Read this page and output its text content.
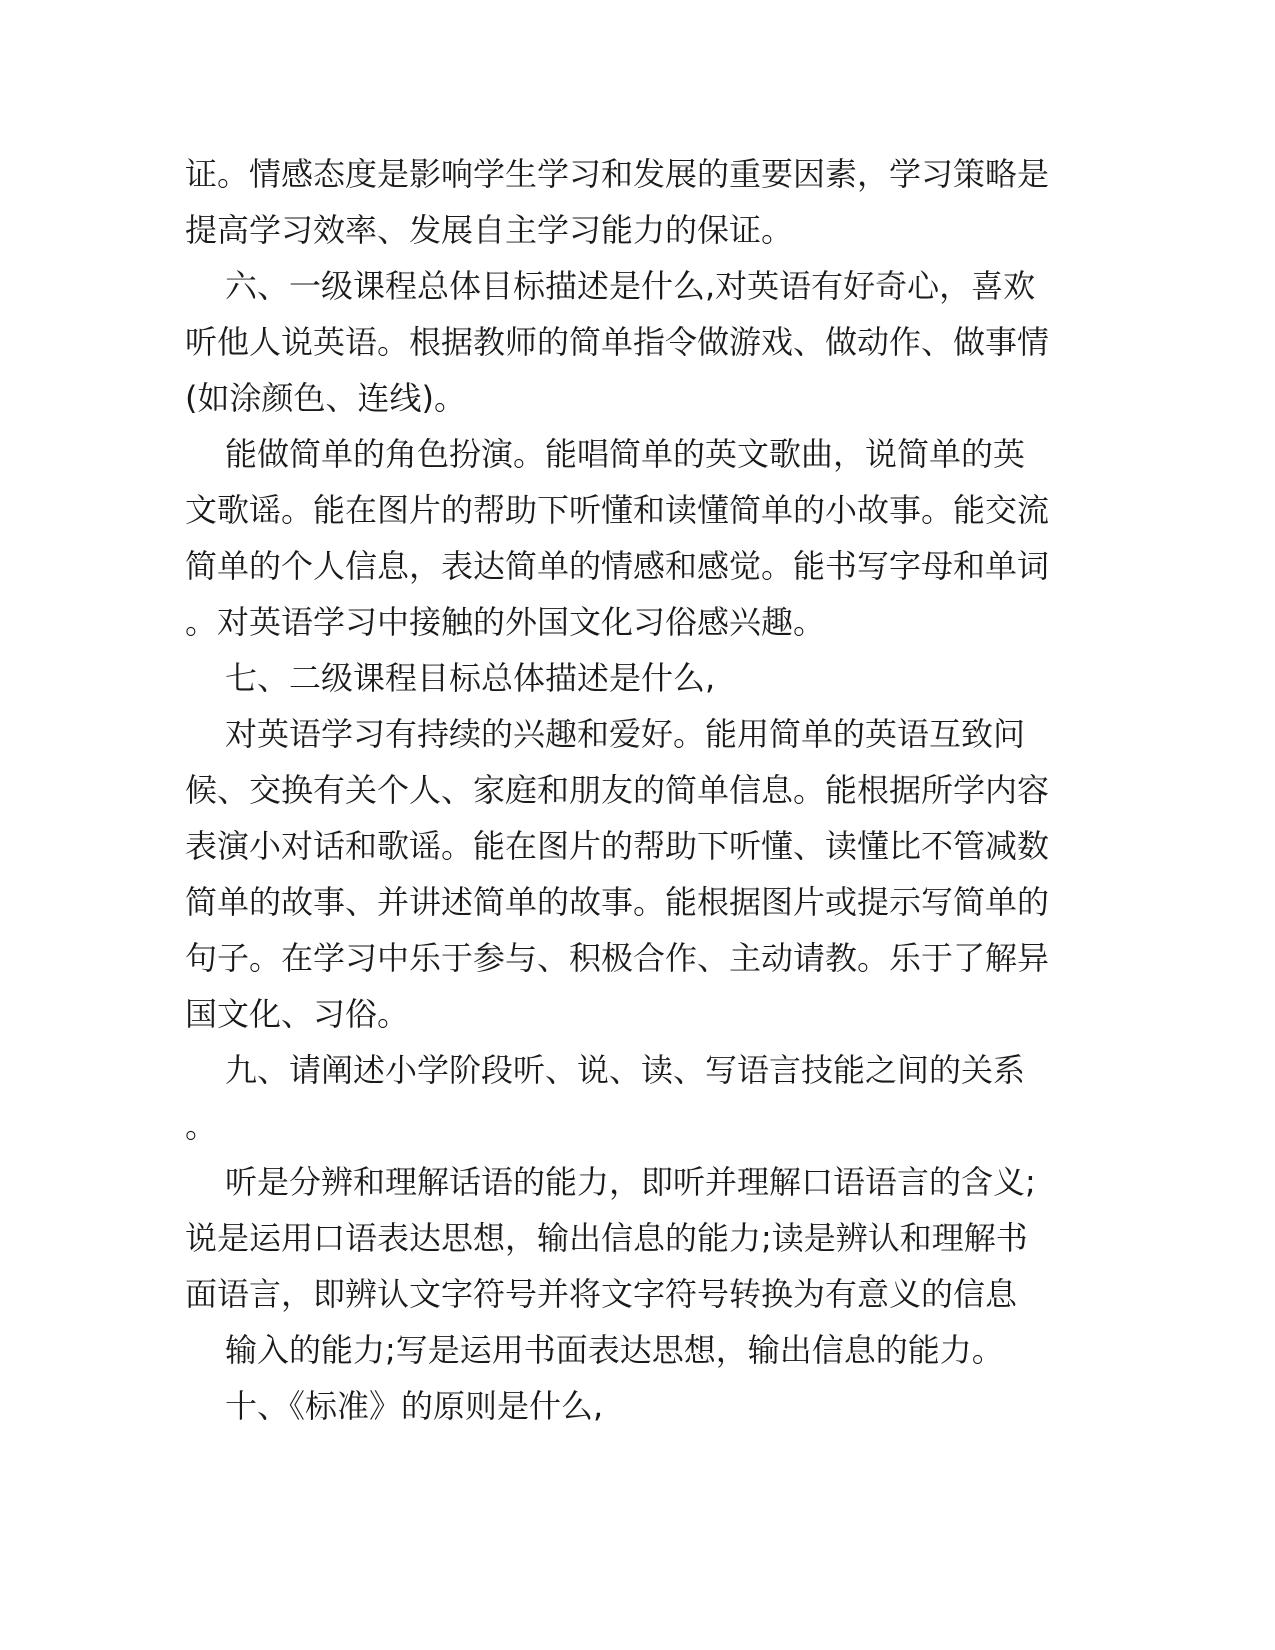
证。情感态度是影响学生学习和发展的重要因素，学习策略是
提高学习效率、发展自主学习能力的保证。
六、一级课程总体目标描述是什么,对英语有好奇心，喜欢
听他人说英语。根据教师的简单指令做游戏、做动作、做事情
(如涂颜色、连线)。
能做简单的角色扮演。能唱简单的英文歌曲，说简单的英
文歌谣。能在图片的帮助下听懂和读懂简单的小故事。能交流
简单的个人信息，表达简单的情感和感觉。能书写字母和单词
。对英语学习中接触的外国文化习俗感兴趣。
七、二级课程目标总体描述是什么,
对英语学习有持续的兴趣和爱好。能用简单的英语互致问
候、交换有关个人、家庭和朋友的简单信息。能根据所学内容
表演小对话和歌谣。能在图片的帮助下听懂、读懂比不管减数
简单的故事、并讲述简单的故事。能根据图片或提示写简单的
句子。在学习中乐于参与、积极合作、主动请教。乐于了解异
国文化、习俗。
九、请阐述小学阶段听、说、读、写语言技能之间的关系
。
听是分辨和理解话语的能力，即听并理解口语语言的含义;
说是运用口语表达思想，输出信息的能力;读是辨认和理解书
面语言，即辨认文字符号并将文字符号转换为有意义的信息
输入的能力;写是运用书面表达思想，输出信息的能力。
十、《标准》的原则是什么,
